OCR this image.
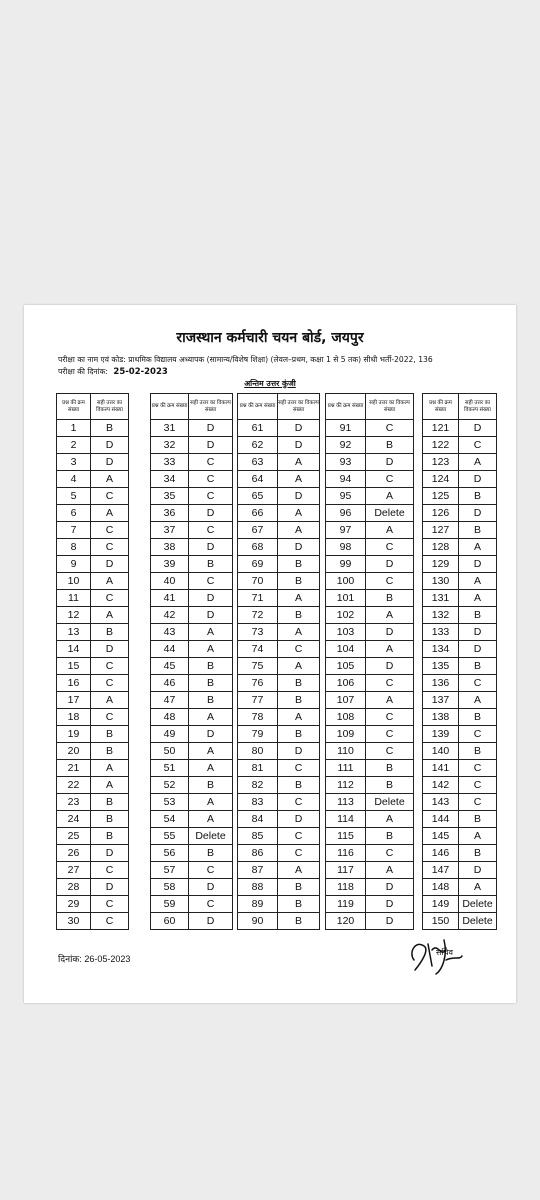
राजस्थान कर्मचारी चयन बोर्ड, जयपुर
परीक्षा का नाम एवं कोड: प्राथमिक विद्यालय अध्यापक (सामान्य/विशेष शिक्षा) (लेवल–प्रथम, कक्षा 1 से 5 तक) सीधी भर्ती-2022, 136
परीक्षा की दिनांक: 25-02-2023
अन्तिम उत्तर कुंजी
प्रश्न की क्रम संख्या	सही उत्तर का विकल्प संख्या
1	B
2	D
3	D
4	A
5	C
6	A
7	C
8	C
9	D
10	A
11	C
12	A
13	B
14	D
15	C
16	C
17	A
18	C
19	B
20	B
21	A
22	A
23	B
24	B
25	B
26	D
27	C
28	D
29	C
30	C
प्रश्न की क्रम संख्या	सही उत्तर का विकल्प संख्या
31	D
32	D
33	C
34	C
35	C
36	D
37	C
38	D
39	B
40	C
41	D
42	D
43	A
44	A
45	B
46	B
47	B
48	A
49	D
50	A
51	A
52	B
53	A
54	A
55	Delete
56	B
57	C
58	D
59	C
60	D
प्रश्न की क्रम संख्या	सही उत्तर का विकल्प संख्या
61	D
62	D
63	A
64	A
65	D
66	A
67	A
68	D
69	B
70	B
71	A
72	B
73	A
74	C
75	A
76	B
77	B
78	A
79	B
80	D
81	C
82	B
83	C
84	D
85	C
86	C
87	A
88	B
89	B
90	B
प्रश्न की क्रम संख्या	सही उत्तर का विकल्प संख्या
91	C
92	B
93	D
94	C
95	A
96	Delete
97	A
98	C
99	D
100	C
101	B
102	A
103	D
104	A
105	D
106	C
107	A
108	C
109	C
110	C
111	B
112	B
113	Delete
114	A
115	B
116	C
117	A
118	D
119	D
120	D
प्रश्न की क्रम संख्या	सही उत्तर का विकल्प संख्या
121	D
122	C
123	A
124	D
125	B
126	D
127	B
128	A
129	D
130	A
131	A
132	B
133	D
134	D
135	B
136	C
137	A
138	B
139	C
140	B
141	C
142	C
143	C
144	B
145	A
146	B
147	D
148	A
149	Delete
150	Delete
दिनांक: 26-05-2023
सचिव
